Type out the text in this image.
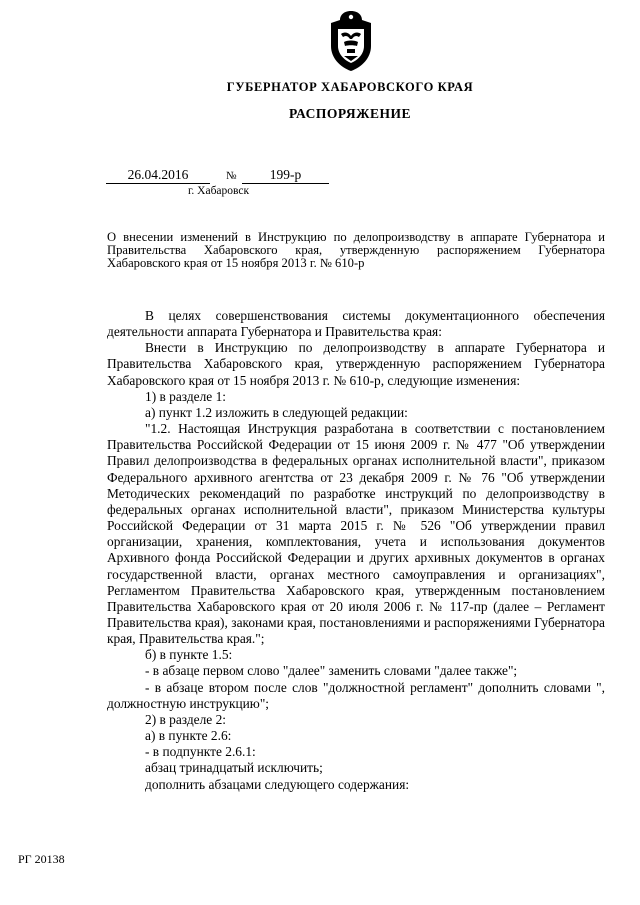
ГУБЕРНАТОР ХАБАРОВСКОГО КРАЯ
РАСПОРЯЖЕНИЕ
26.04.2016	№	199-р
г. Хабаровск
О внесении изменений в Инструкцию по делопроизводству в аппарате Губернатора и Правительства Хабаровского края, утвержденную распоряжением Губернатора Хабаровского края от 15 ноября 2013 г. № 610-р

В целях совершенствования системы документационного обеспечения деятельности аппарата Губернатора и Правительства края:

Внести в Инструкцию по делопроизводству в аппарате Губернатора и Правительства Хабаровского края, утвержденную распоряжением Губернатора Хабаровского края от 15 ноября 2013 г. № 610-р, следующие изменения:

1) в разделе 1:

а) пункт 1.2 изложить в следующей редакции:

"1.2. Настоящая Инструкция разработана в соответствии с постановлением Правительства Российской Федерации от 15 июня 2009 г. № 477 "Об утверждении Правил делопроизводства в федеральных органах исполнительной власти", приказом Федерального архивного агентства от 23 декабря 2009 г. № 76 "Об утверждении Методических рекомендаций по разработке инструкций по делопроизводству в федеральных органах исполнительной власти", приказом Министерства культуры Российской Федерации от 31 марта 2015 г. № 526 "Об утверждении правил организации, хранения, комплектования, учета и использования документов Архивного фонда Российской Федерации и других архивных документов в органах государственной власти, органах местного самоуправления и организациях", Регламентом Правительства Хабаровского края, утвержденным постановлением Правительства Хабаровского края от 20 июля 2006 г. № 117-пр (далее – Регламент Правительства края), законами края, постановлениями и распоряжениями Губернатора края, Правительства края.";

б) в пункте 1.5:

- в абзаце первом слово "далее" заменить словами "далее также";

- в абзаце втором после слов "должностной регламент" дополнить словами ", должностную инструкцию";

2) в разделе 2:

а) в пункте 2.6:

- в подпункте 2.6.1:

абзац тринадцатый исключить;

дополнить абзацами следующего содержания:

РГ 20138
